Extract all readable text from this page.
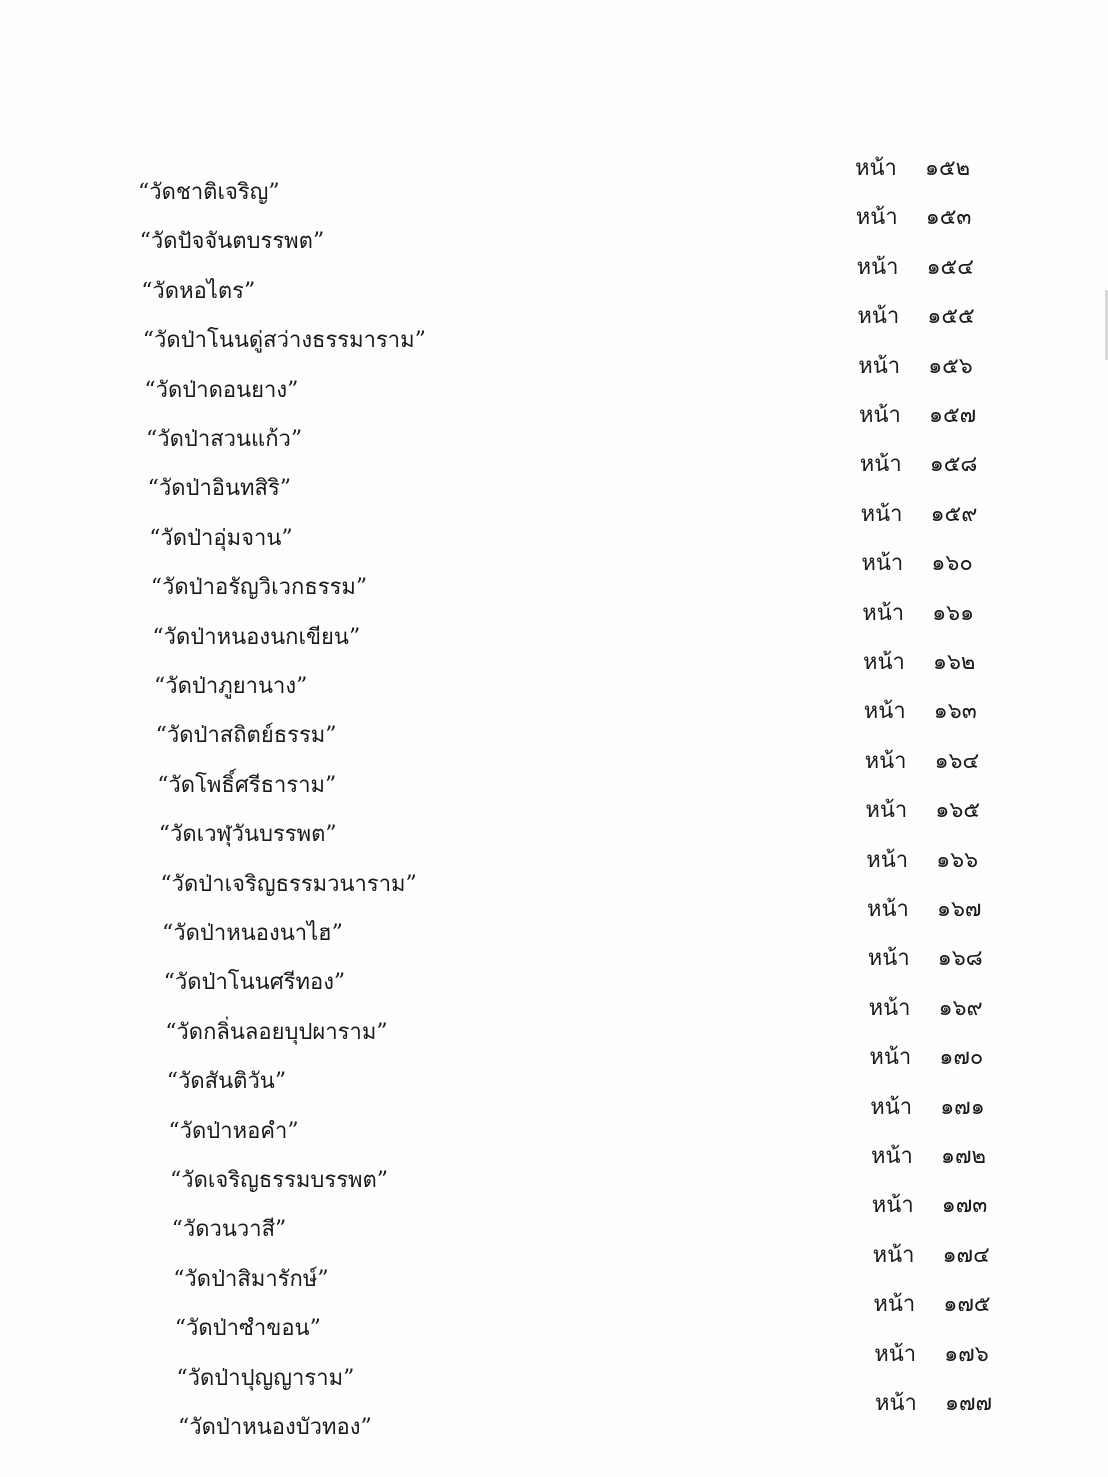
“วัดชาติเจริญ”
หน้า ๑๕๒
“วัดปัจจันตบรรพต”
หน้า ๑๕๓
“วัดหอไตร”
หน้า ๑๕๔
“วัดป่าโนนดู่สว่างธรรมาราม”
หน้า ๑๕๕
“วัดป่าดอนยาง”
หน้า ๑๕๖
“วัดป่าสวนแก้ว”
หน้า ๑๕๗
“วัดป่าอินทสิริ”
หน้า ๑๕๘
“วัดป่าอุ่มจาน”
หน้า ๑๕๙
“วัดป่าอรัญวิเวกธรรม”
หน้า ๑๖๐
“วัดป่าหนองนกเขียน”
หน้า ๑๖๑
“วัดป่าภูยานาง”
หน้า ๑๖๒
“วัดป่าสถิตย์ธรรม”
หน้า ๑๖๓
“วัดโพธิ์ศรีธาราม”
หน้า ๑๖๔
“วัดเวฬุวันบรรพต”
หน้า ๑๖๕
“วัดป่าเจริญธรรมวนาราม”
หน้า ๑๖๖
“วัดป่าหนองนาไฮ”
หน้า ๑๖๗
“วัดป่าโนนศรีทอง”
หน้า ๑๖๘
“วัดกลิ่นลอยบุปผาราม”
หน้า ๑๖๙
“วัดสันติวัน”
หน้า ๑๗๐
“วัดป่าหอคำ”
หน้า ๑๗๑
“วัดเจริญธรรมบรรพต”
หน้า ๑๗๒
“วัดวนวาสี”
หน้า ๑๗๓
“วัดป่าสิมารักษ์”
หน้า ๑๗๔
“วัดป่าซำขอน”
หน้า ๑๗๕
“วัดป่าปุญญาราม”
หน้า ๑๗๖
“วัดป่าหนองบัวทอง”
หน้า ๑๗๗
